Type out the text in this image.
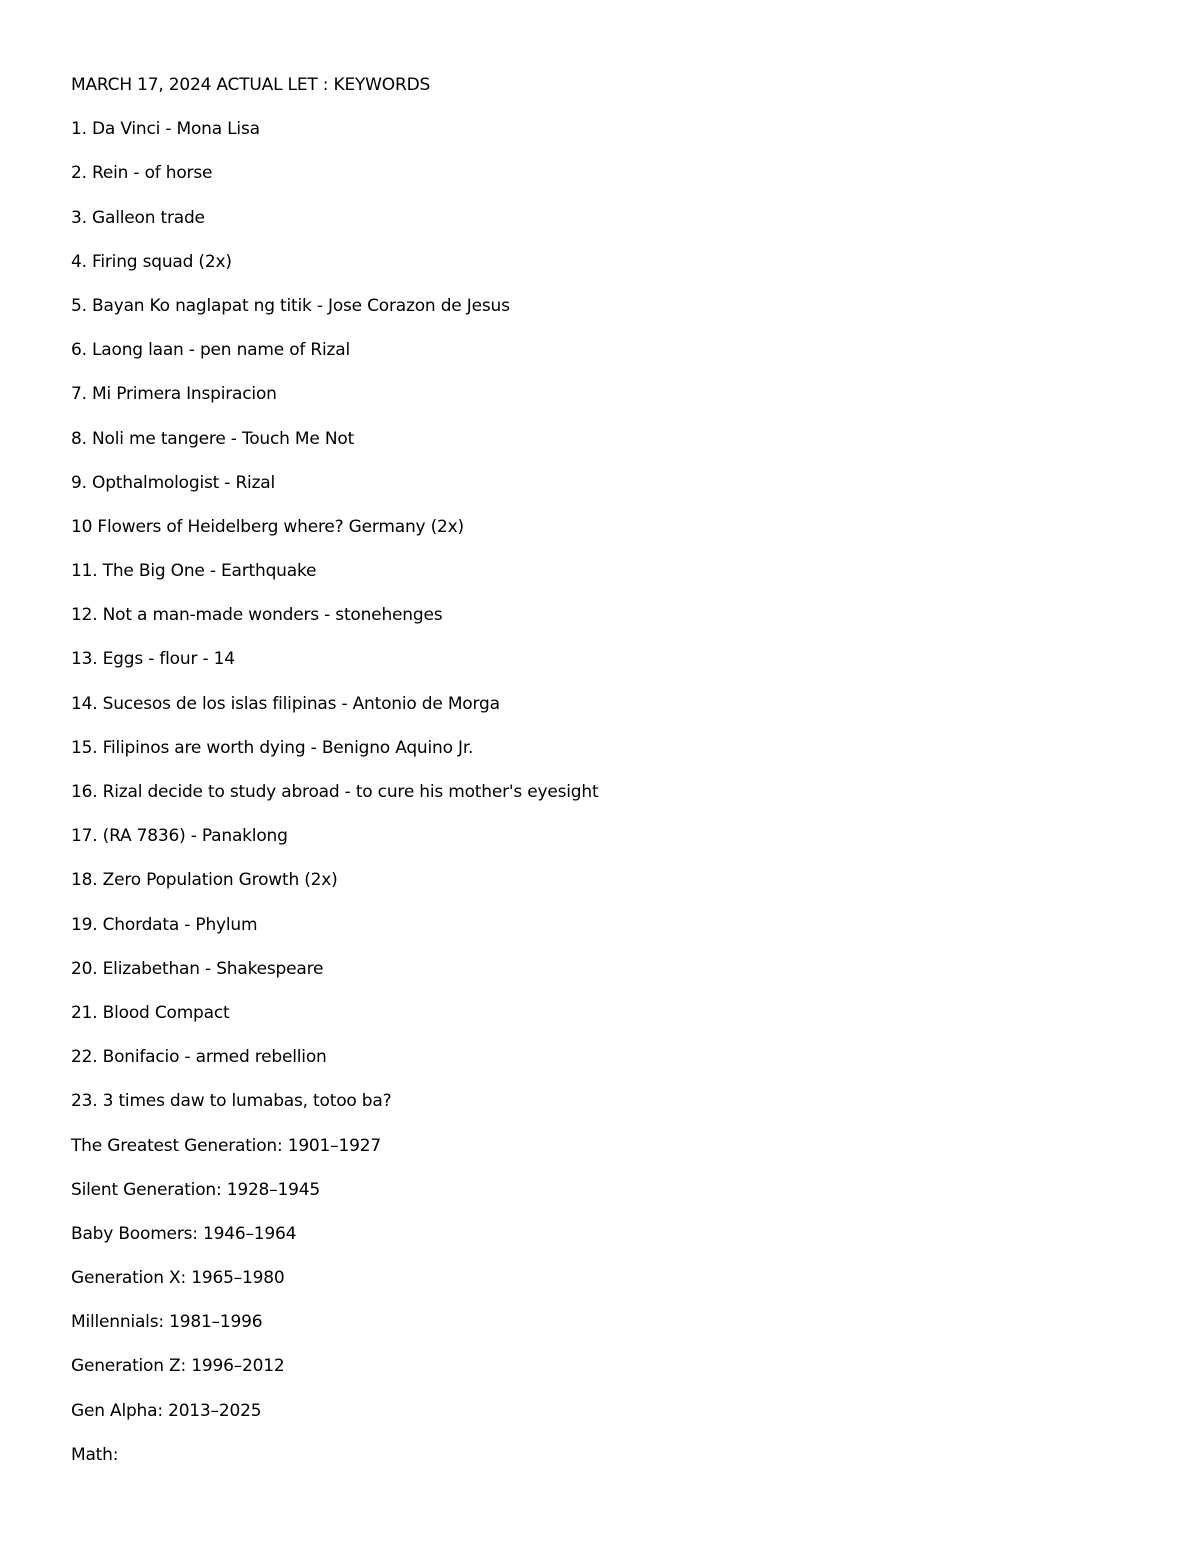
MARCH 17, 2024 ACTUAL LET : KEYWORDS
1. Da Vinci - Mona Lisa
2. Rein - of horse
3. Galleon trade
4. Firing squad (2x)
5. Bayan Ko naglapat ng titik - Jose Corazon de Jesus
6. Laong laan - pen name of Rizal
7. Mi Primera Inspiracion
8. Noli me tangere - Touch Me Not
9. Opthalmologist - Rizal
10 Flowers of Heidelberg where? Germany (2x)
11. The Big One - Earthquake
12. Not a man-made wonders - stonehenges
13. Eggs - flour - 14
14. Sucesos de los islas filipinas - Antonio de Morga
15. Filipinos are worth dying - Benigno Aquino Jr.
16. Rizal decide to study abroad - to cure his mother's eyesight
17. (RA 7836) - Panaklong
18. Zero Population Growth (2x)
19. Chordata - Phylum
20. Elizabethan - Shakespeare
21. Blood Compact
22. Bonifacio - armed rebellion
23. 3 times daw to lumabas, totoo ba?
The Greatest Generation: 1901–1927
Silent Generation: 1928–1945
Baby Boomers: 1946–1964
Generation X: 1965–1980
Millennials: 1981–1996
Generation Z: 1996–2012
Gen Alpha: 2013–2025
Math:
